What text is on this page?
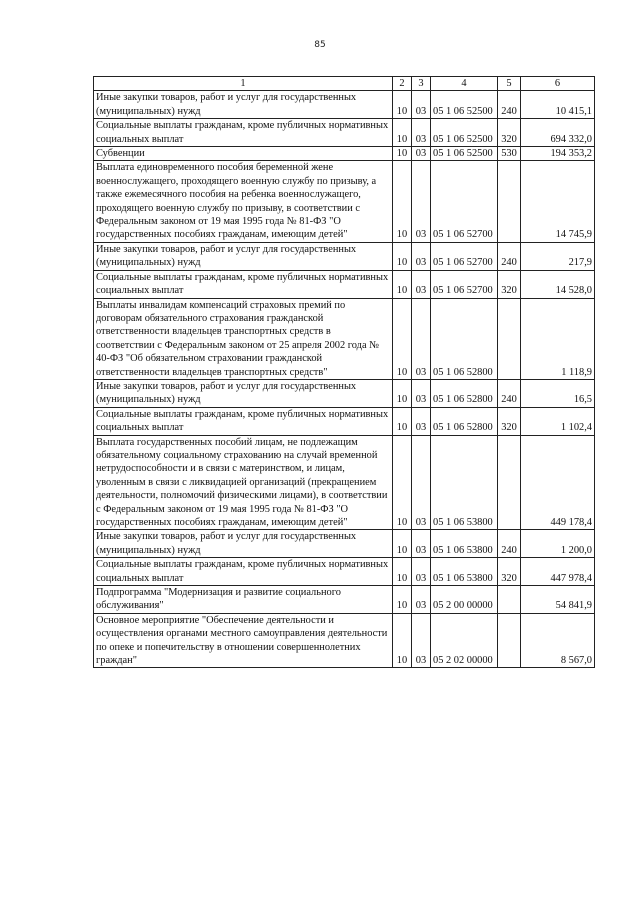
85
1	2	3	4	5	6
Иные закупки товаров, работ и услуг для государственных (муниципальных) нужд	10	03	05 1 06 52500	240	10 415,1
Социальные выплаты гражданам, кроме публичных нормативных социальных выплат	10	03	05 1 06 52500	320	694 332,0
Субвенции	10	03	05 1 06 52500	530	194 353,2
Выплата единовременного пособия беременной жене военнослужащего, проходящего военную службу по призыву, а также ежемесячного пособия на ребенка военнослужащего, проходящего военную службу по призыву, в соответствии с Федеральным законом от 19 мая 1995 года № 81-ФЗ "О государственных пособиях гражданам, имеющим детей"	10	03	05 1 06 52700		14 745,9
Иные закупки товаров, работ и услуг для государственных (муниципальных) нужд	10	03	05 1 06 52700	240	217,9
Социальные выплаты гражданам, кроме публичных нормативных социальных выплат	10	03	05 1 06 52700	320	14 528,0
Выплаты инвалидам компенсаций страховых премий по договорам обязательного страхования гражданской ответственности владельцев транспортных средств в соответствии с Федеральным законом от 25 апреля 2002 года № 40-ФЗ "Об обязательном страховании гражданской ответственности владельцев транспортных средств"	10	03	05 1 06 52800		1 118,9
Иные закупки товаров, работ и услуг для государственных (муниципальных) нужд	10	03	05 1 06 52800	240	16,5
Социальные выплаты гражданам, кроме публичных нормативных социальных выплат	10	03	05 1 06 52800	320	1 102,4
Выплата государственных пособий лицам, не подлежащим обязательному социальному страхованию на случай временной нетрудоспособности и в связи с материнством, и лицам, уволенным в связи с ликвидацией организаций (прекращением деятельности, полномочий физическими лицами), в соответствии с Федеральным законом от 19 мая 1995 года № 81-ФЗ "О государственных пособиях гражданам, имеющим детей"	10	03	05 1 06 53800		449 178,4
Иные закупки товаров, работ и услуг для государственных (муниципальных) нужд	10	03	05 1 06 53800	240	1 200,0
Социальные выплаты гражданам, кроме публичных нормативных социальных выплат	10	03	05 1 06 53800	320	447 978,4
Подпрограмма "Модернизация и развитие социального обслуживания"	10	03	05 2 00 00000		54 841,9
Основное мероприятие "Обеспечение деятельности и осуществления органами местного самоуправления деятельности по опеке и попечительству в отношении совершеннолетних граждан"	10	03	05 2 02 00000		8 567,0
